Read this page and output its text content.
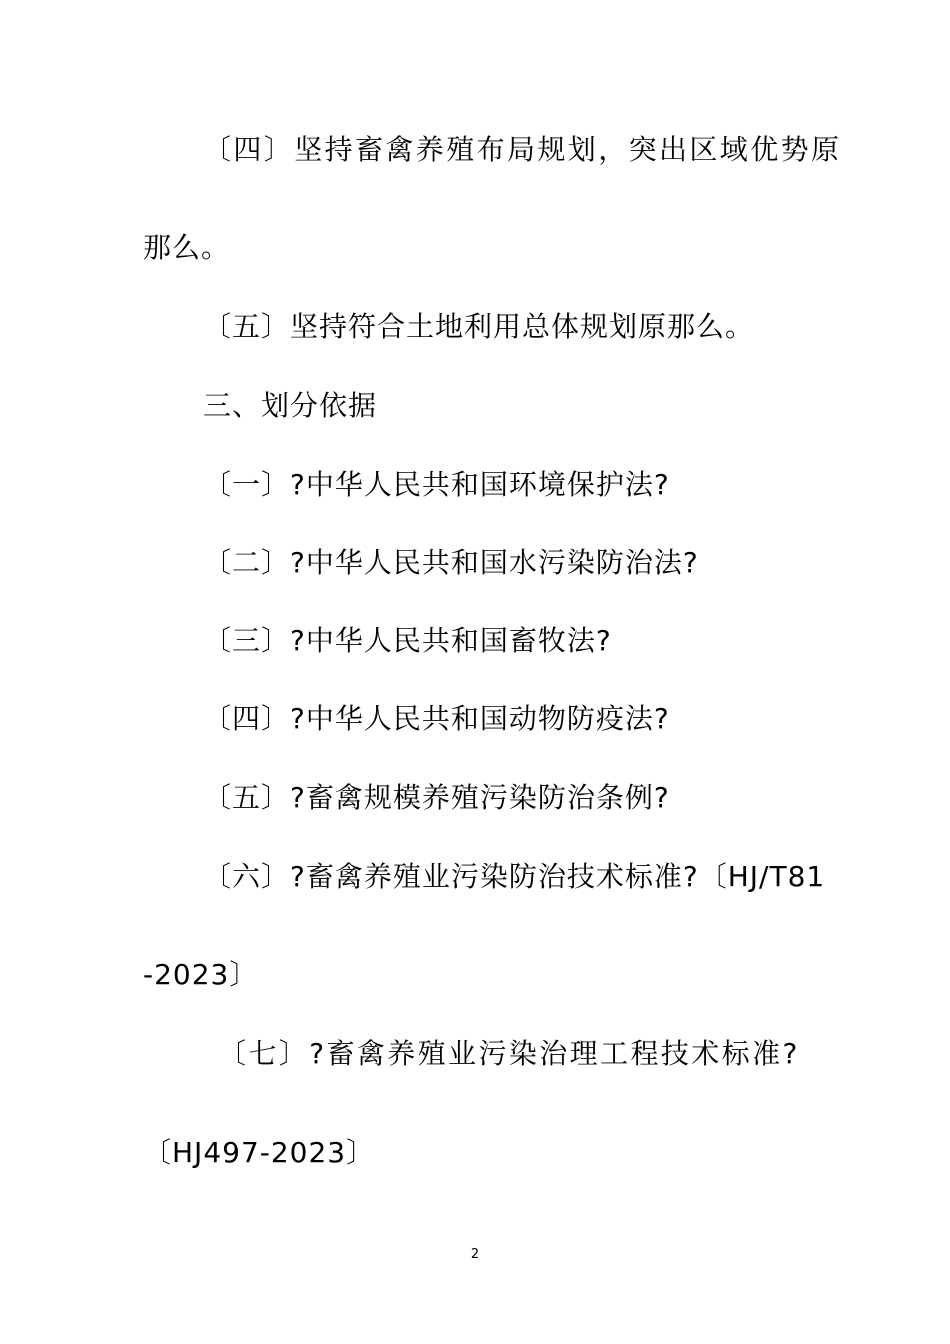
〔四〕坚持畜禽养殖布局规划，突出区域优势原
那么。
〔五〕坚持符合土地利用总体规划原那么。
三、划分依据
〔一〕?中华人民共和国环境保护法?
〔二〕?中华人民共和国水污染防治法?
〔三〕?中华人民共和国畜牧法?
〔四〕?中华人民共和国动物防疫法?
〔五〕?畜禽规模养殖污染防治条例?
〔六〕?畜禽养殖业污染防治技术标准?〔HJ/T81
-2023〕
〔七〕?畜禽养殖业污染治理工程技术标准?
〔HJ497-2023〕
2
